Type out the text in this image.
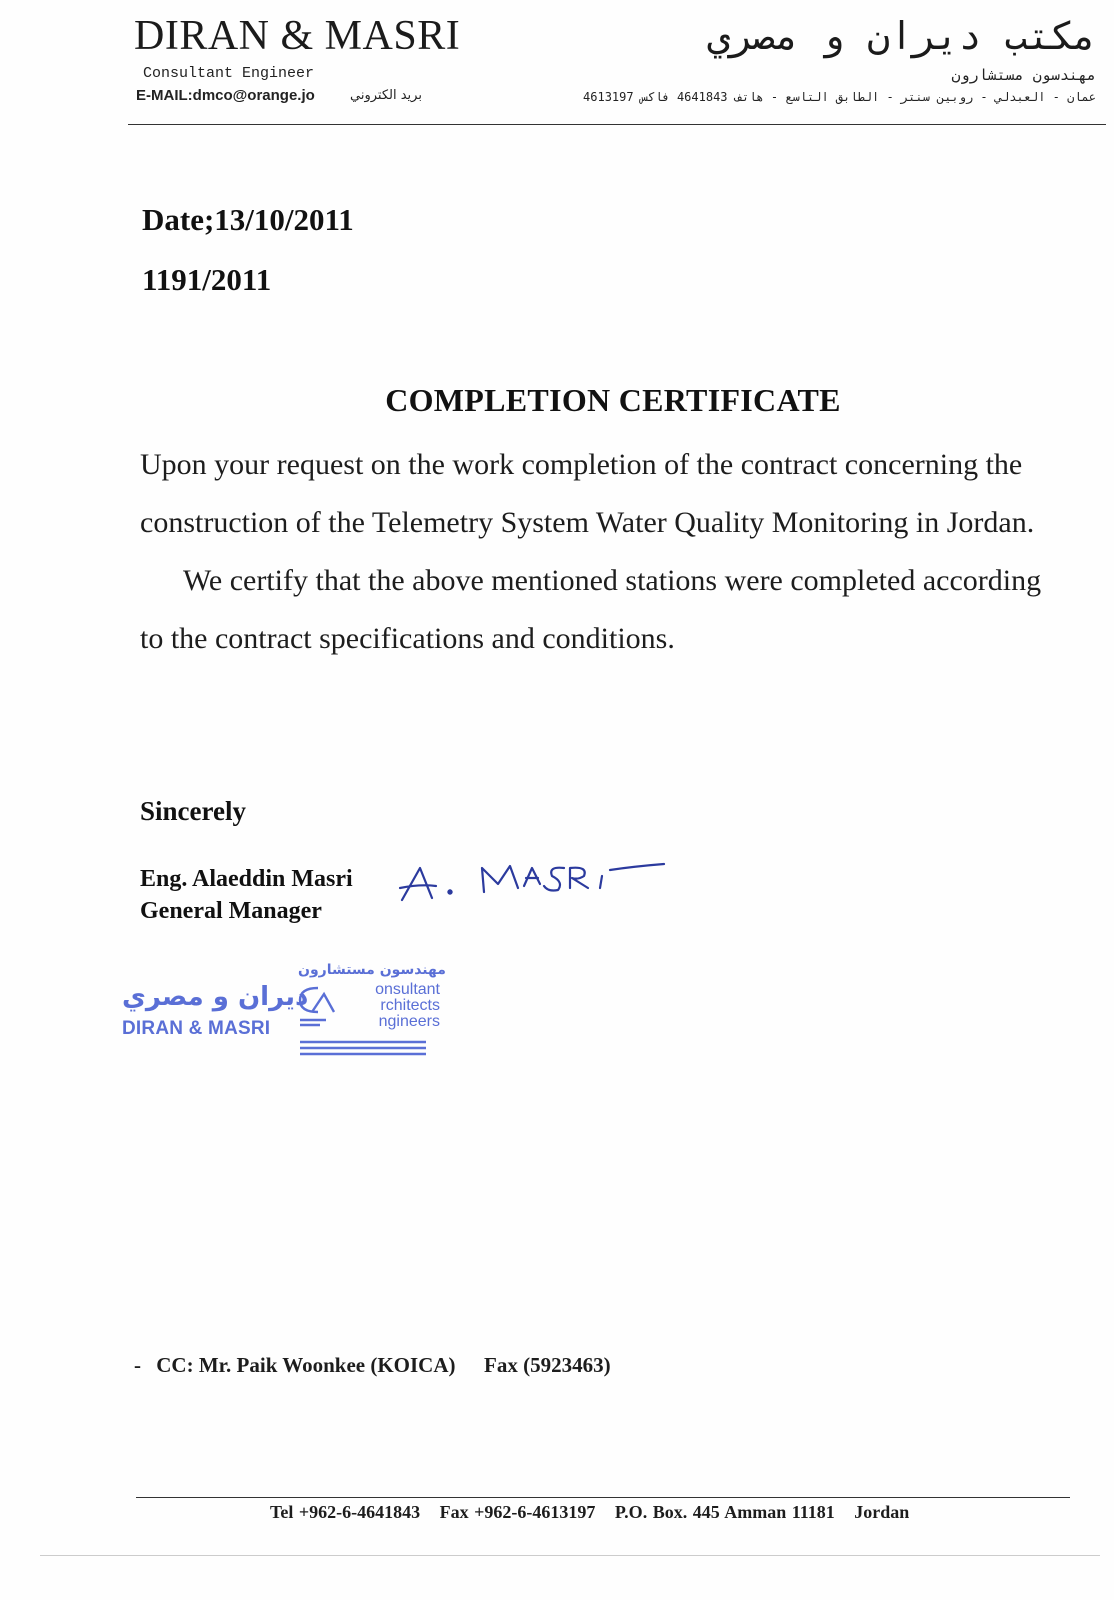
DIRAN & MASRI
Consultant Engineer
E-MAIL:dmco@orange.jo	بريد الكتروني
مكتب ديران و مصري
مهندسون مستشارون
عمان - العبدلي - روبين سنتر - الطابق التاسع - هاتف 4641843 فاكس 4613197
Date;13/10/2011
1191/2011
COMPLETION CERTIFICATE

Upon your request on the work completion of the contract concerning the construction of the Telemetry System Water Quality Monitoring in Jordan.

We certify that the above mentioned stations were completed according to the contract specifications and conditions.

Sincerely
Eng. Alaeddin Masri
General Manager
ديران و مصري
DIRAN & MASRI
مهندسون مستشارون
onsultant
rchitects
ngineers
- CC: Mr. Paik Woonkee (KOICA) Fax (5923463)
Tel +962-6-4641843 Fax +962-6-4613197 P.O. Box. 445 Amman 11181 Jordan
